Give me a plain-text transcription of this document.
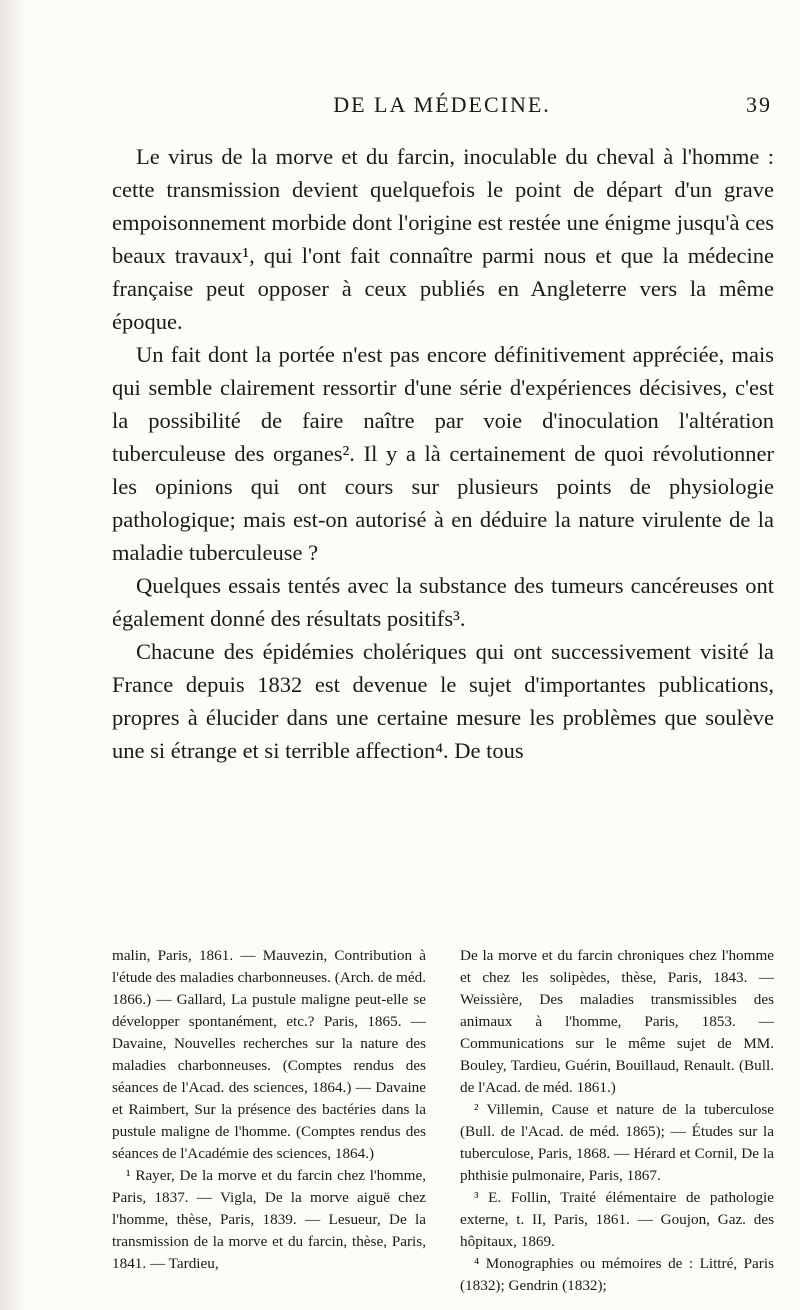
DE LA MÉDECINE.	39

Le virus de la morve et du farcin, inoculable du cheval à l'homme : cette transmission devient quelquefois le point de départ d'un grave empoisonnement morbide dont l'origine est restée une énigme jusqu'à ces beaux travaux¹, qui l'ont fait connaître parmi nous et que la médecine française peut opposer à ceux publiés en Angleterre vers la même époque.

Un fait dont la portée n'est pas encore définitivement appréciée, mais qui semble clairement ressortir d'une série d'expériences décisives, c'est la possibilité de faire naître par voie d'inoculation l'altération tuberculeuse des organes². Il y a là certainement de quoi révolutionner les opinions qui ont cours sur plusieurs points de physiologie pathologique; mais est-on autorisé à en déduire la nature virulente de la maladie tuberculeuse ?

Quelques essais tentés avec la substance des tumeurs cancéreuses ont également donné des résultats positifs³.

Chacune des épidémies cholériques qui ont successivement visité la France depuis 1832 est devenue le sujet d'importantes publications, propres à élucider dans une certaine mesure les problèmes que soulève une si étrange et si terrible affection⁴. De tous

malin, Paris, 1861. — Mauvezin, Contribution à l'étude des maladies charbonneuses. (Arch. de méd. 1866.) — Gallard, La pustule maligne peut-elle se développer spontanément, etc.? Paris, 1865. — Davaine, Nouvelles recherches sur la nature des maladies charbonneuses. (Comptes rendus des séances de l'Acad. des sciences, 1864.) — Davaine et Raimbert, Sur la présence des bactéries dans la pustule maligne de l'homme. (Comptes rendus des séances de l'Académie des sciences, 1864.)
¹ Rayer, De la morve et du farcin chez l'homme, Paris, 1837. — Vigla, De la morve aiguë chez l'homme, thèse, Paris, 1839. — Lesueur, De la transmission de la morve et du farcin, thèse, Paris, 1841. — Tardieu,
De la morve et du farcin chroniques chez l'homme et chez les solipèdes, thèse, Paris, 1843. — Weissière, Des maladies transmissibles des animaux à l'homme, Paris, 1853. — Communications sur le même sujet de MM. Bouley, Tardieu, Guérin, Bouillaud, Renault. (Bull. de l'Acad. de méd. 1861.)
² Villemin, Cause et nature de la tuberculose (Bull. de l'Acad. de méd. 1865); — Études sur la tuberculose, Paris, 1868. — Hérard et Cornil, De la phthisie pulmonaire, Paris, 1867.
³ E. Follin, Traité élémentaire de pathologie externe, t. II, Paris, 1861. — Goujon, Gaz. des hôpitaux, 1869.
⁴ Monographies ou mémoires de : Littré, Paris (1832); Gendrin (1832);
